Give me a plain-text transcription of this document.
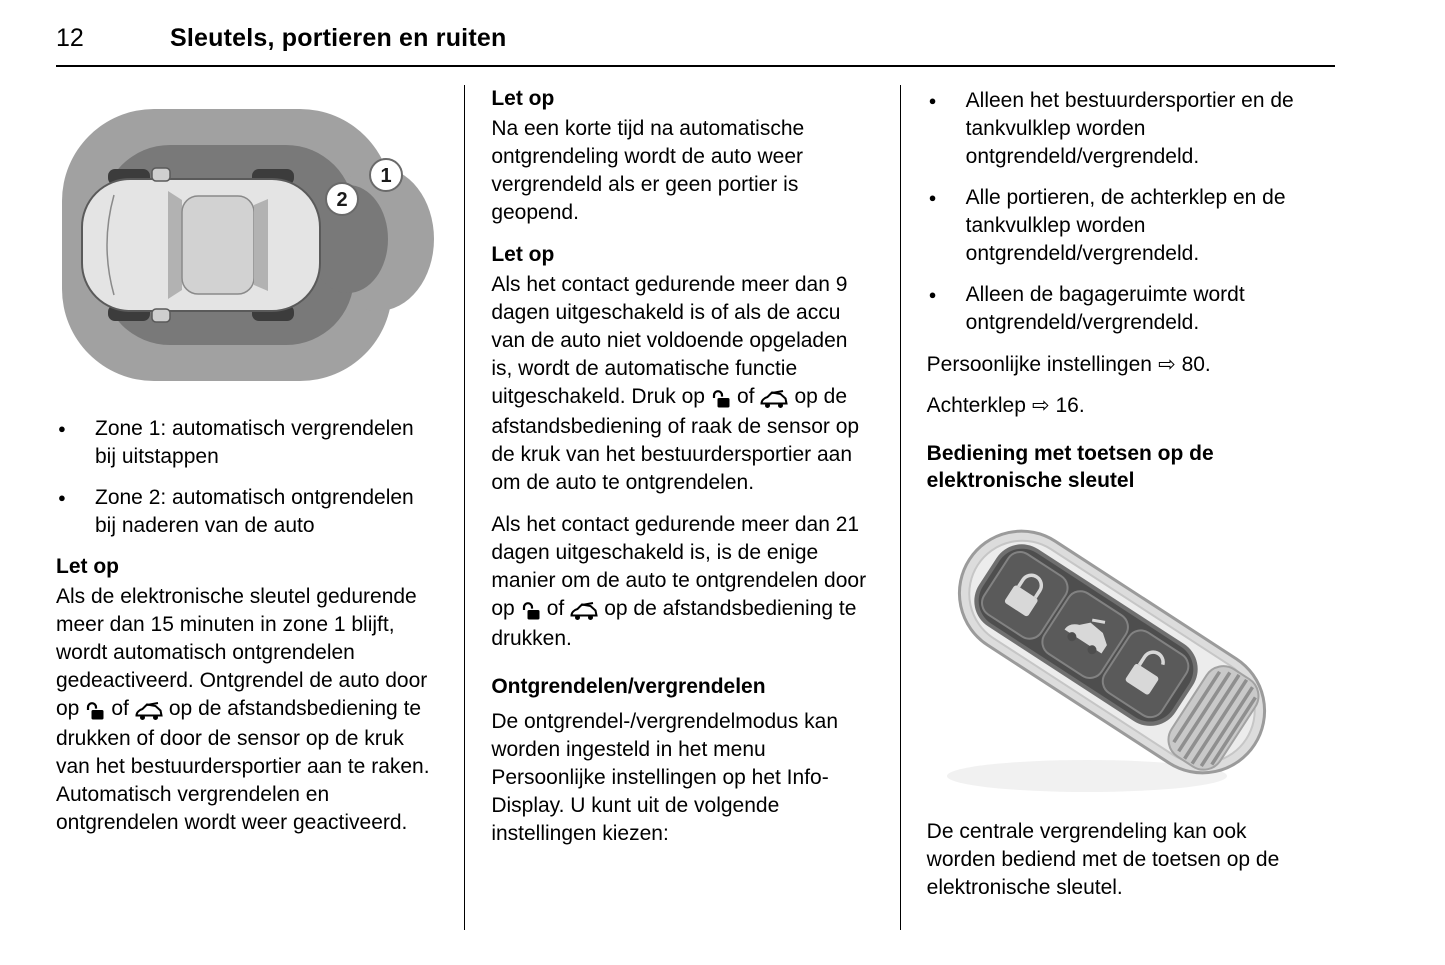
12	Sleutels, portieren en ruiten
2
1
●	Zone 1: automatisch vergrendelen bij uitstappen
●	Zone 2: automatisch ontgrendelen bij naderen van de auto
Let op

Als de elektronische sleutel gedurende meer dan 15 minuten in zone 1 blijft, wordt automatisch ontgrendelen gedeactiveerd. Ontgrendel de auto door op of op de afstandsbediening te drukken of door de sensor op de kruk van het bestuurdersportier aan te raken. Automatisch vergrendelen en ontgrendelen wordt weer geactiveerd.

Let op

Na een korte tijd na automatische ontgrendeling wordt de auto weer vergrendeld als er geen portier is geopend.

Let op

Als het contact gedurende meer dan 9 dagen uitgeschakeld is of als de accu van de auto niet voldoende opgeladen is, wordt de automatische functie uitgeschakeld. Druk op of op de afstandsbediening of raak de sensor op de kruk van het bestuurdersportier aan om de auto te ontgrendelen.

Als het contact gedurende meer dan 21 dagen uitgeschakeld is, is de enige manier om de auto te ontgrendelen door op of op de afstandsbediening te drukken.

Ontgrendelen/vergrendelen

De ontgrendel-/vergrendelmodus kan worden ingesteld in het menu Persoonlijke instellingen op het Info-Display. U kunt uit de volgende instellingen kiezen:

●	Alleen het bestuurdersportier en de tankvulklep worden ontgrendeld/vergrendeld.
●	Alle portieren, de achterklep en de tankvulklep worden ontgrendeld/vergrendeld.
●	Alleen de bagageruimte wordt ontgrendeld/vergrendeld.

Persoonlijke instellingen ⇨ 80.

Achterklep ⇨ 16.

Bediening met toetsen op de elektronische sleutel

De centrale vergrendeling kan ook worden bediend met de toetsen op de elektronische sleutel.
